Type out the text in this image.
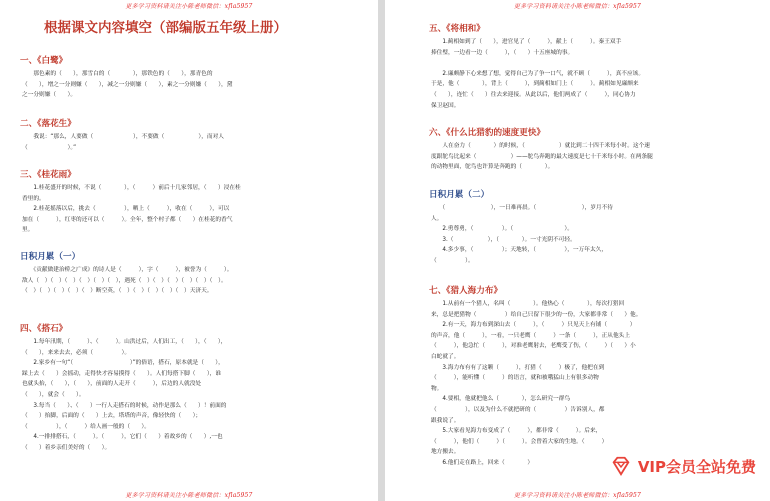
更多学习资料请关注小陈老师微信：xfla5957
根据课文内容填空（部编版五年级上册）
一、《白鹭》
　　那色素的（　　），那雪白的（　　　　），那铁色的（　　），那青色的
（　　），增之一分则嫌（　　），减之一分则嫌（　　），素之一分则嫌（　　），黛
之一分则嫌（　　）。
二、《落花生》
　　我说：“那么，人要做（　　　　　　　），不要做（　　　　　　），而对人
（　　　　　　　）。”
三、《桂花雨》
　　1.桂花盛开的时候，不说（　　　　），（　　　）前后十几家邻居，（　　）浸在桂
香里的。
　　2.桂花摇落以后，挑去（　　　　　），晒上（　　　），收在（　　　），可以
加在（　　　），红枣的还可以（　　　）。全年，整个村子都（　　）在桂花的香气
里。
日积月累（一）
　　《贡献做建治桥之广成》的诗人是（　　　），字（　　　），被誉为（　　　）。
敌人（　）（　）（　）（　）（　）（　），遇死（　）（　）（　）（　）（　）（　）。
（　）（　）（　）（　）（　）断空英，（　）（　）（　）（　）（　）天济天。
四、《搭石》
　　1.每年汛期，（　　　）、（　　　）。山洪过后，人们出工，（　　），（　　），
（　　），来来去去，必须（　　　　　）。
　　2.家乡有一句“（　　　　　　　　　　）”的俗语，搭石，原本就是（　　），
踩上去（　　）会摇动，走得快才容易摸得（　　）。人们每搭下脚（　　），谁
也就头抬，（　　），（　　），前面的人走开（　　　），后边的人就没处
（　　），就会（　　）。
　　3.每当（　　）、（　　）一行人走搭石的时候，动作是那么（　　）！前面的
（　　）抬脚，后面的（　　）上去，塔塔的声音，像轻快的（　　）；
（　　　　　），（　　　）给人画一般的（　　）。
　　4.一排排搭石，（　　　）。（　　　），它们（　　）着故乡的（　　）,一也
（　　）着乡亲们美好的（　　）。
更多学习资料请关注小陈老师微信：xfla5957
更多学习资料请关注小陈老师微信：xfla5957
五、《将相和》
　　1.蔺相如到了（　　），进官见了（　　　），献上（　　　）。秦王双手
捧住璧，一边看一边（　　　），（　　）十五座城的事。
　　2.廉颇静下心来想了想，觉得自己为了争一口气，就不顾（　　　），真不应该。
于是，他（　　　　），背上（　　　），到蔺相如门上（　　　）。蔺相如见廉颇来
（　　），连忙（　　）往去来迎接。从此以后，他们两成了（　　　），同心协力
保卫赵国。
六、《什么比猎豹的速度更快》
　　人在奋力（　　　　）的时候，（　　　　　　）就比到二十四千米每小时。这个速
度跟鸵鸟比起来（　　　　　　）——鸵鸟奔跑的最大速度是七十千米每小时。在两条腿
的动物里面，鸵鸟也许算是奔跑的（　　　　）。
日积月累（二）
　　（　　　　　　　　），一日难再晨。（　　　　　　　　），岁月不待
人。
　　2.勇尊勇，（　　　　　）。（　　　　　　　　　）。
　　3.（　　　　　　），（　　　　）。一寸光阴不可轻。
　　4.多少事，（　　　　　）；天地转，（　　　　　），一万年太久，
（　　　　　）。
七、《猎人海力布》
　　1.从前有一个猎人，名叫（　　　　）。他热心（　　　　），每次打猎回
来，总是把猎物（　　　　　）给自己只留下很少的一份，大家都非常（　　）他。
　　2.有一天，海力布到深山去（　　　），（　　　）只见天上有铺（　　　　）
的声音，他（　　　），一看，一只老鹰（　　　）一条（　　　），正从他头上
（　　　），他急忙（　　　），对准老鹰射去，老鹰受了伤，（　　　）（　　）小
白蛇就了。
　　3.海力布有有了这颗（　　　），打猎（　　　）极了，他把在到
（　　　），能听懂（　　　）的语言，就和被哦猛山上有很多动物
物。
　　4.要相，他就把他么（　　　　），怎么研究一群鸟
（　　　　　），以及为什么不就把研的（　　　　　）告诉别人，都
跟我说了。
　　5.大家看见海力布变成了（　　　），都非常（　　　）。后来，
（　　　），他们（　　　）（　　　）。会曾着大家的生地。（　　　）
地方搬去。
　　6.他们走在路上，回来（　　　　）
更多学习资料请关注小陈老师微信：xfla5957
VIP会员全站免费
